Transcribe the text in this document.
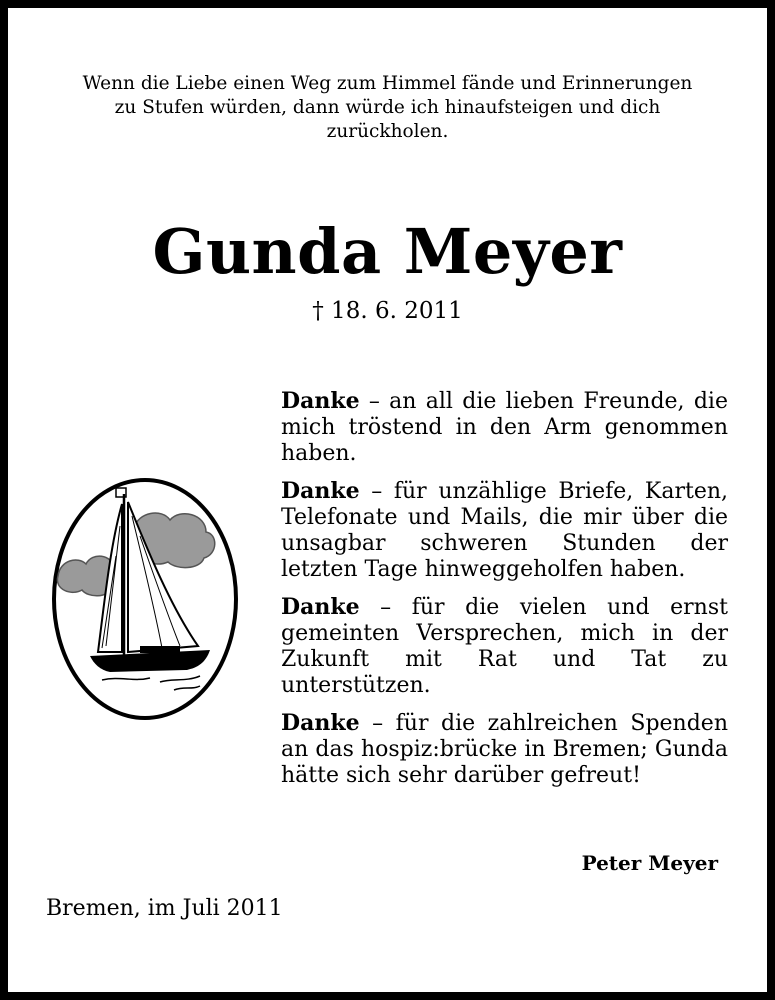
Wenn die Liebe einen Weg zum Himmel fände und Erinnerungen
zu Stufen würden, dann würde ich hinaufsteigen und dich
zurückholen.
Gunda Meyer
† 18. 6. 2011

Danke – an all die lieben Freunde, die mich tröstend in den Arm genommen haben.

Danke – für unzählige Briefe, Karten, Telefonate und Mails, die mir über die unsagbar schweren Stunden der letzten Tage hinweggeholfen haben.

Danke – für die vielen und ernst gemeinten Versprechen, mich in der Zukunft mit Rat und Tat zu unterstützen.

Danke – für die zahlreichen Spenden an das hospiz:brücke in Bremen; Gunda hätte sich sehr darüber gefreut!

Peter Meyer
Bremen, im Juli 2011
